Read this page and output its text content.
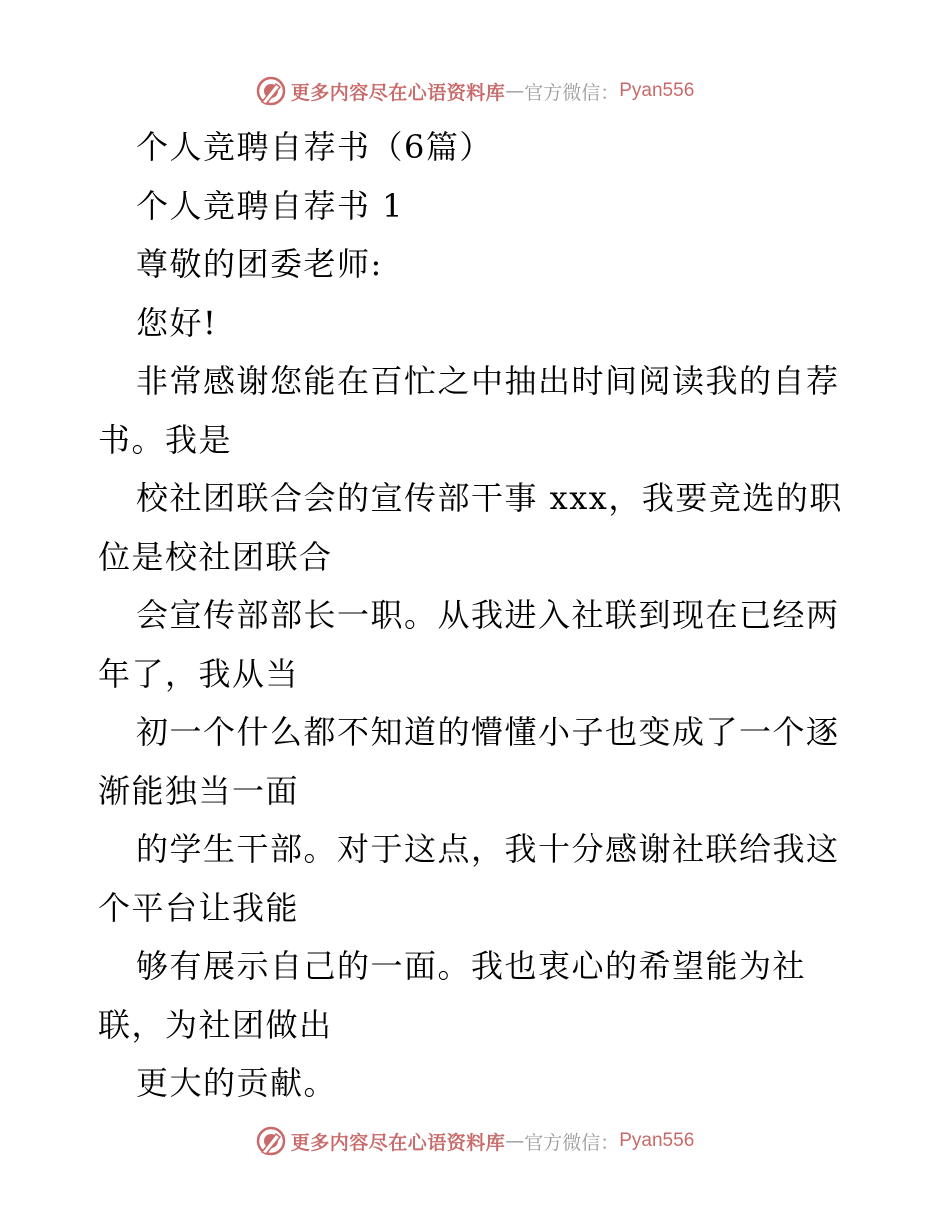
更多内容尽在心语资料库 — 官方微信： Pyan556
个人竞聘自荐书（6篇）
个人竞聘自荐书 1
尊敬的团委老师:
您好!
非常感谢您能在百忙之中抽出时间阅读我的自荐
书。我是
校社团联合会的宣传部干事 xxx，我要竞选的职
位是校社团联合
会宣传部部长一职。从我进入社联到现在已经两
年了，我从当
初一个什么都不知道的懵懂小子也变成了一个逐
渐能独当一面
的学生干部。对于这点，我十分感谢社联给我这
个平台让我能
够有展示自己的一面。我也衷心的希望能为社
联，为社团做出
更大的贡献。
更多内容尽在心语资料库 — 官方微信： Pyan556
